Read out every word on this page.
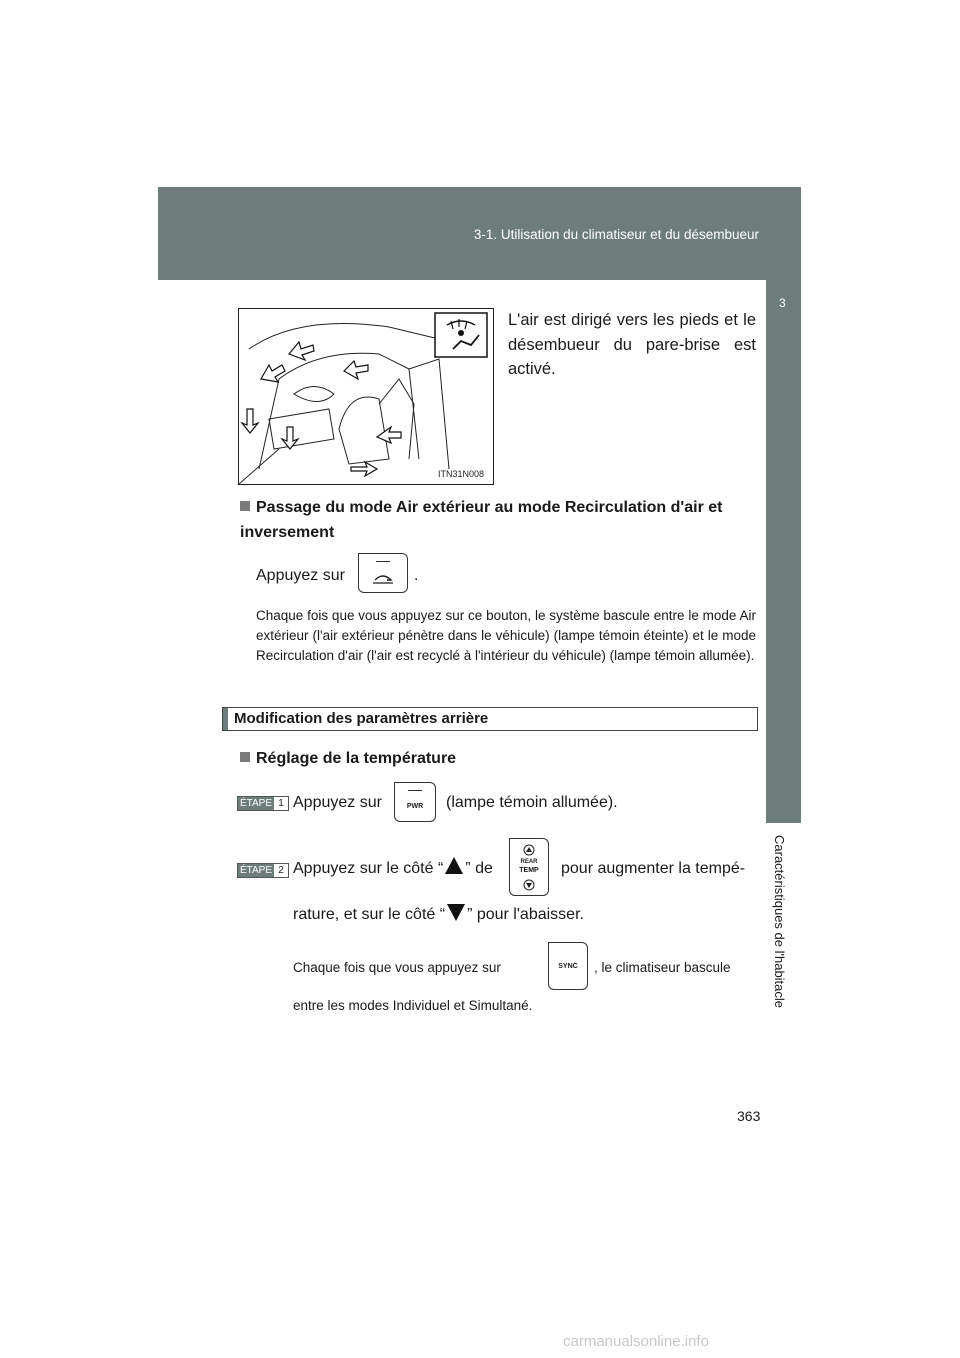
3-1. Utilisation du climatiseur et du désembueur
3
Caractéristiques de l'habitacle
ITN31N008
L'air est dirigé vers les pieds et le désembueur du pare-brise est activé.
Passage du mode Air extérieur au mode Recirculation d'air et inversement
Appuyez sur	.
Chaque fois que vous appuyez sur ce bouton, le système bascule entre le mode Air extérieur (l'air extérieur pénètre dans le véhicule) (lampe témoin éteinte) et le mode Recirculation d'air (l'air est recyclé à l'intérieur du véhicule) (lampe témoin allumée).
Modification des paramètres arrière
Réglage de la température
ÉTAPE 1 Appuyez sur	PWR	(lampe témoin allumée).
ÉTAPE 2 Appuyez sur le côté “ ” de	REAR
TEMP	pour augmenter la tempé-
rature, et sur le côté “ ” pour l'abaisser.
Chaque fois que vous appuyez sur	SYNC	, le climatiseur bascule
entre les modes Individuel et Simultané.
363
carmanualsonline.info
